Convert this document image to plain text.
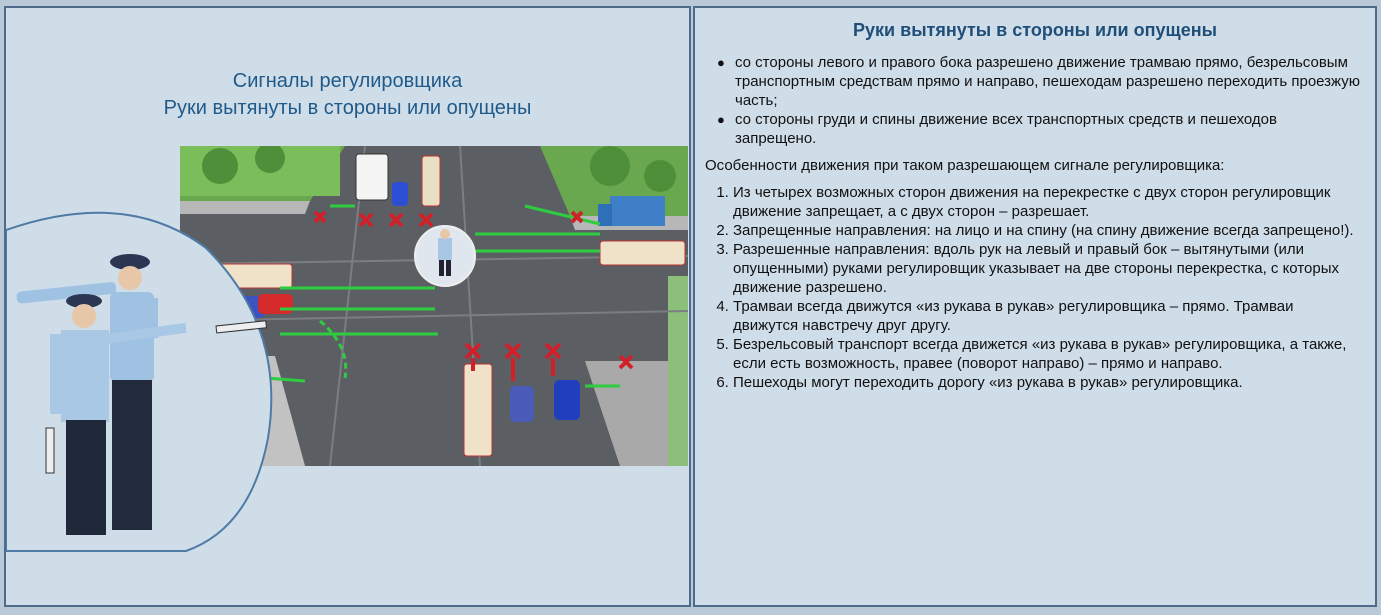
Сигналы регулировщика
Руки вытянуты в стороны или опущены
Руки вытянуты в стороны или опущены
● со стороны левого и правого бока разрешено движение трамваю прямо, безрельсовым транспортным средствам прямо и направо, пешеходам разрешено переходить проезжую часть;
● со стороны груди и спины движение всех транспортных средств и пешеходов запрещено.
Особенности движения при таком разрешающем сигнале регулировщика:
1. Из четырех возможных сторон движения на перекрестке с двух сторон регулировщик движение запрещает, а с двух сторон – разрешает.
2. Запрещенные направления: на лицо и на спину (на спину движение всегда запрещено!).
3. Разрешенные направления: вдоль рук на левый и правый бок – вытянутыми (или опущенными) руками регулировщик указывает на две стороны перекрестка, с которых движение разрешено.
4. Трамваи всегда движутся «из рукава в рукав» регулировщика – прямо. Трамваи движутся навстречу друг другу.
5. Безрельсовый транспорт всегда движется «из рукава в рукав» регулировщика, а также, если есть возможность, правее (поворот направо) – прямо и направо.
6. Пешеходы могут переходить дорогу «из рукава в рукав» регулировщика.
